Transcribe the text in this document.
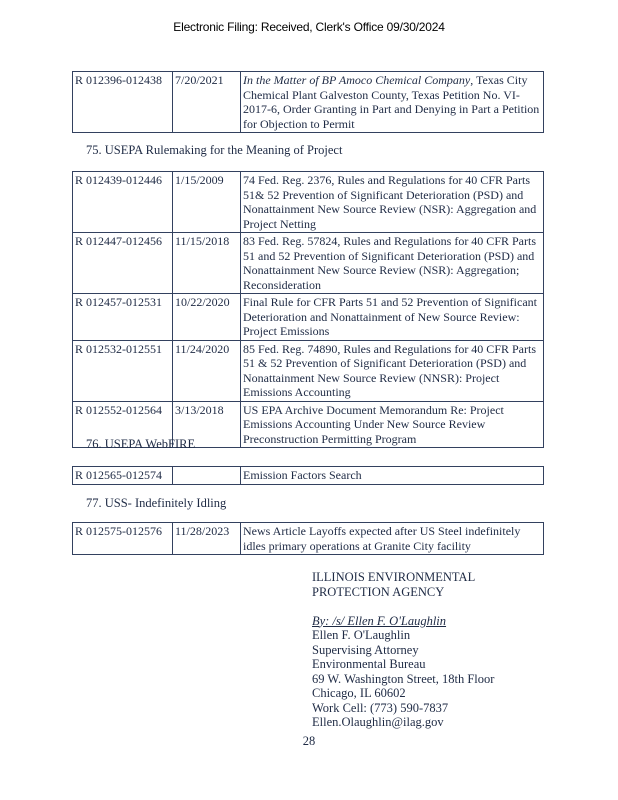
Electronic Filing: Received, Clerk's Office 09/30/2024
R 012396-012438	7/20/2021	In the Matter of BP Amoco Chemical Company, Texas City Chemical Plant Galveston County, Texas Petition No. VI-2017-6, Order Granting in Part and Denying in Part a Petition for Objection to Permit
75. USEPA Rulemaking for the Meaning of Project
R 012439-012446	1/15/2009	74 Fed. Reg. 2376, Rules and Regulations for 40 CFR Parts 51& 52 Prevention of Significant Deterioration (PSD) and Nonattainment New Source Review (NSR): Aggregation and Project Netting
R 012447-012456	11/15/2018	83 Fed. Reg. 57824, Rules and Regulations for 40 CFR Parts 51 and 52 Prevention of Significant Deterioration (PSD) and Nonattainment New Source Review (NSR): Aggregation; Reconsideration
R 012457-012531	10/22/2020	Final Rule for CFR Parts 51 and 52 Prevention of Significant Deterioration and Nonattainment of New Source Review: Project Emissions
R 012532-012551	11/24/2020	85 Fed. Reg. 74890, Rules and Regulations for 40 CFR Parts 51 & 52 Prevention of Significant Deterioration (PSD) and Nonattainment New Source Review (NNSR): Project Emissions Accounting
R 012552-012564	3/13/2018	US EPA Archive Document Memorandum Re: Project Emissions Accounting Under New Source Review Preconstruction Permitting Program
76. USEPA WebFIRE
R 012565-012574		Emission Factors Search
77. USS- Indefinitely Idling
R 012575-012576	11/28/2023	News Article Layoffs expected after US Steel indefinitely idles primary operations at Granite City facility
ILLINOIS ENVIRONMENTAL
PROTECTION AGENCY
By: /s/ Ellen F. O'Laughlin
Ellen F. O'Laughlin
Supervising Attorney
Environmental Bureau
69 W. Washington Street, 18th Floor
Chicago, IL 60602
Work Cell: (773) 590-7837
Ellen.Olaughlin@ilag.gov
28
